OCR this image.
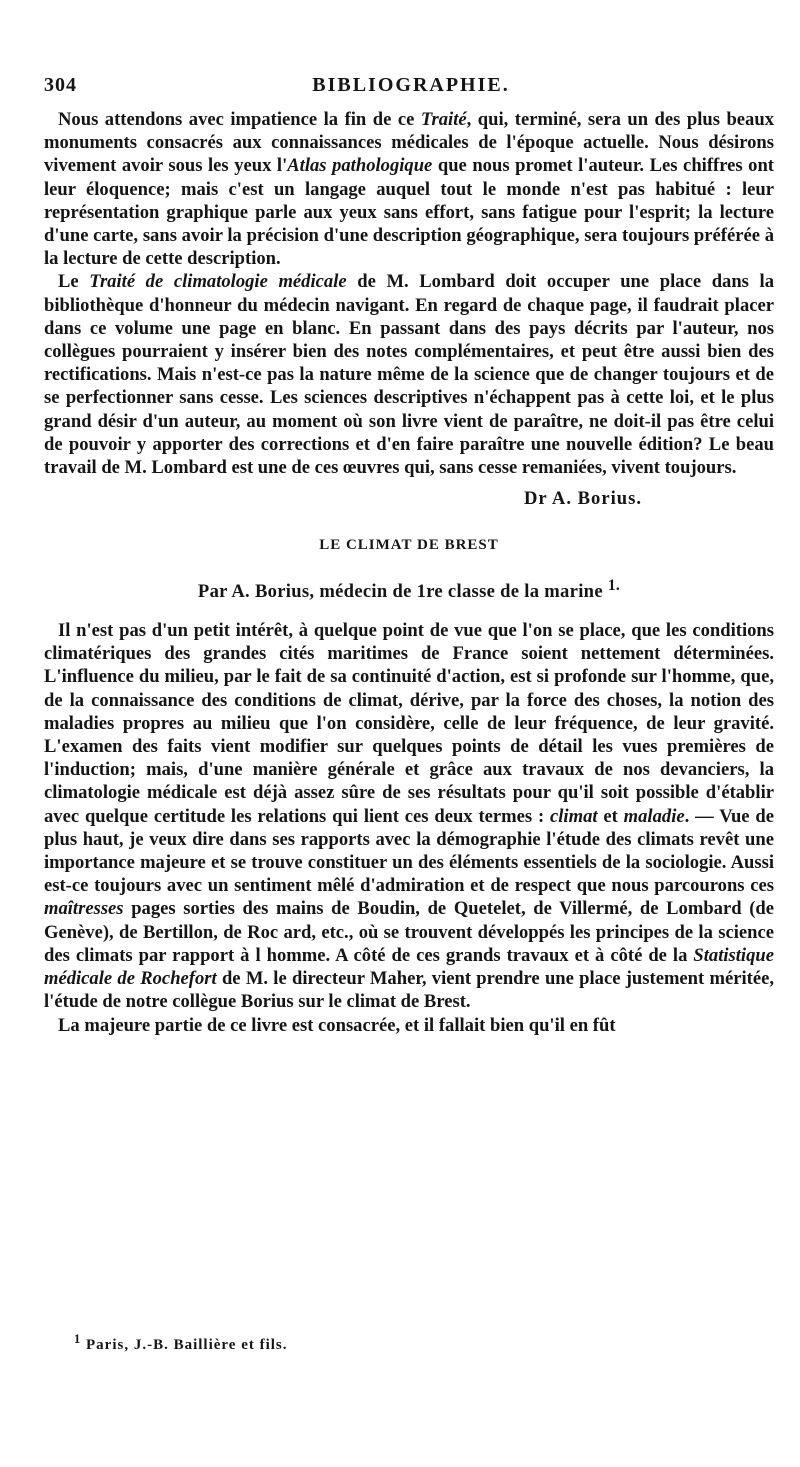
304	BIBLIOGRAPHIE.

Nous attendons avec impatience la fin de ce Traité, qui, terminé, sera un des plus beaux monuments consacrés aux connaissances médicales de l'époque actuelle. Nous désirons vivement avoir sous les yeux l'Atlas pathologique que nous promet l'auteur. Les chiffres ont leur éloquence; mais c'est un langage auquel tout le monde n'est pas habitué : leur représentation graphique parle aux yeux sans effort, sans fatigue pour l'esprit; la lecture d'une carte, sans avoir la précision d'une description géographique, sera toujours préférée à la lecture de cette description.

Le Traité de climatologie médicale de M. Lombard doit occuper une place dans la bibliothèque d'honneur du médecin navigant. En regard de chaque page, il faudrait placer dans ce volume une page en blanc. En passant dans des pays décrits par l'auteur, nos collègues pourraient y insérer bien des notes complémentaires, et peut être aussi bien des rectifications. Mais n'est-ce pas la nature même de la science que de changer toujours et de se perfectionner sans cesse. Les sciences descriptives n'échappent pas à cette loi, et le plus grand désir d'un auteur, au moment où son livre vient de paraître, ne doit-il pas être celui de pouvoir y apporter des corrections et d'en faire paraître une nouvelle édition? Le beau travail de M. Lombard est une de ces œuvres qui, sans cesse remaniées, vivent toujours.

Dr A. Borius.

LE CLIMAT DE BREST

Par A. Borius, médecin de 1re classe de la marine $^{1.}$

Il n'est pas d'un petit intérêt, à quelque point de vue que l'on se place, que les conditions climatériques des grandes cités maritimes de France soient nettement déterminées. L'influence du milieu, par le fait de sa continuité d'action, est si profonde sur l'homme, que, de la connaissance des conditions de climat, dérive, par la force des choses, la notion des maladies propres au milieu que l'on considère, celle de leur fréquence, de leur gravité. L'examen des faits vient modifier sur quelques points de détail les vues premières de l'induction; mais, d'une manière générale et grâce aux travaux de nos devanciers, la climatologie médicale est déjà assez sûre de ses résultats pour qu'il soit possible d'établir avec quelque certitude les relations qui lient ces deux termes : climat et maladie. — Vue de plus haut, je veux dire dans ses rapports avec la démographie l'étude des climats revêt une importance majeure et se trouve constituer un des éléments essentiels de la sociologie. Aussi est-ce toujours avec un sentiment mêlé d'admiration et de respect que nous parcourons ces maîtresses pages sorties des mains de Boudin, de Quetelet, de Villermé, de Lombard (de Genève), de Bertillon, de Roc ard, etc., où se trouvent développés les principes de la science des climats par rapport à l homme. A côté de ces grands travaux et à côté de la Statistique médicale de Rochefort de M. le directeur Maher, vient prendre une place justement méritée, l'étude de notre collègue Borius sur le climat de Brest.

La majeure partie de ce livre est consacrée, et il fallait bien qu'il en fût

$^1$ Paris, J.-B. Baillière et fils.
